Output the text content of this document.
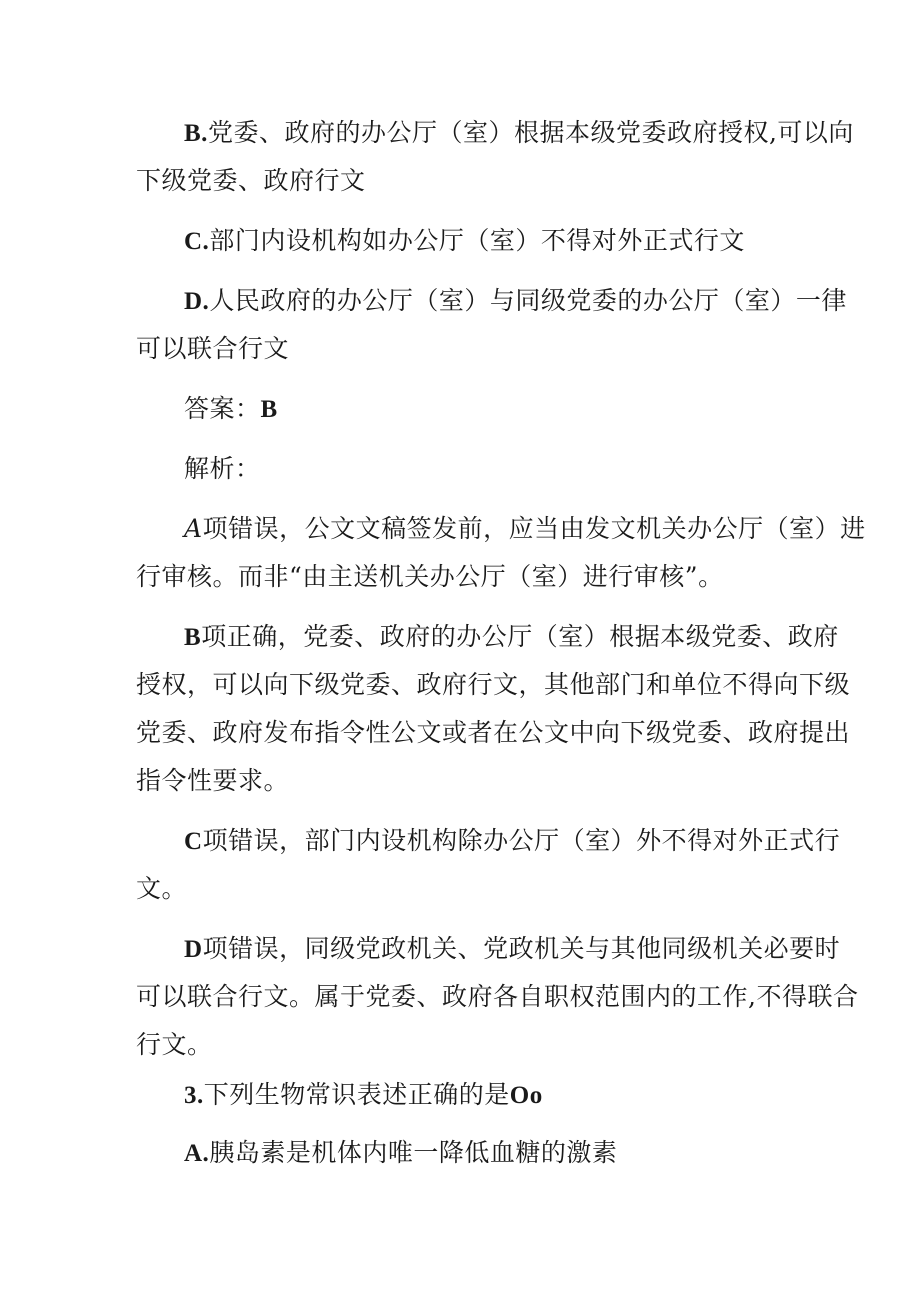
B.党委、政府的办公厅（室）根据本级党委政府授权,可以向
下级党委、政府行文
C.部门内设机构如办公厅（室）不得对外正式行文
D.人民政府的办公厅（室）与同级党委的办公厅（室）一律
可以联合行文
答案：B
解析：
A项错误，公文文稿签发前，应当由发文机关办公厅（室）进
行审核。而非“由主送机关办公厅（室）进行审核”。
B项正确，党委、政府的办公厅（室）根据本级党委、政府
授权，可以向下级党委、政府行文，其他部门和单位不得向下级
党委、政府发布指令性公文或者在公文中向下级党委、政府提出
指令性要求。
C项错误，部门内设机构除办公厅（室）外不得对外正式行
文。
D项错误，同级党政机关、党政机关与其他同级机关必要时
可以联合行文。属于党委、政府各自职权范围内的工作,不得联合
行文。
3.下列生物常识表述正确的是Oo
A.胰岛素是机体内唯一降低血糖的激素
